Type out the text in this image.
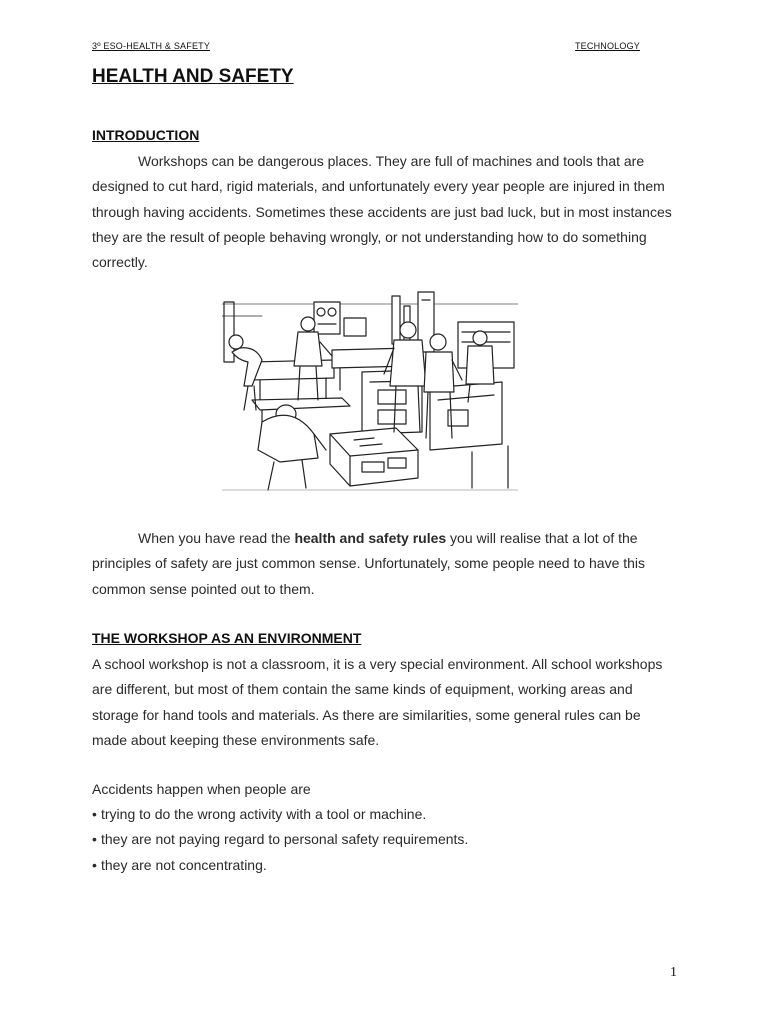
3º ESO-HEALTH & SAFETY	TECHNOLOGY
HEALTH AND SAFETY
INTRODUCTION

Workshops can be dangerous places. They are full of machines and tools that are designed to cut hard, rigid materials, and unfortunately every year people are injured in them through having accidents. Sometimes these accidents are just bad luck, but in most instances they are the result of people behaving wrongly, or not understanding how to do something correctly.

When you have read the health and safety rules you will realise that a lot of the principles of safety are just common sense. Unfortunately, some people need to have this common sense pointed out to them.

THE WORKSHOP AS AN ENVIRONMENT

A school workshop is not a classroom, it is a very special environment. All school workshops are different, but most of them contain the same kinds of equipment, working areas and storage for hand tools and materials. As there are similarities, some general rules can be made about keeping these environments safe.

Accidents happen when people are

• trying to do the wrong activity with a tool or machine.
• they are not paying regard to personal safety requirements.
• they are not concentrating.
1
